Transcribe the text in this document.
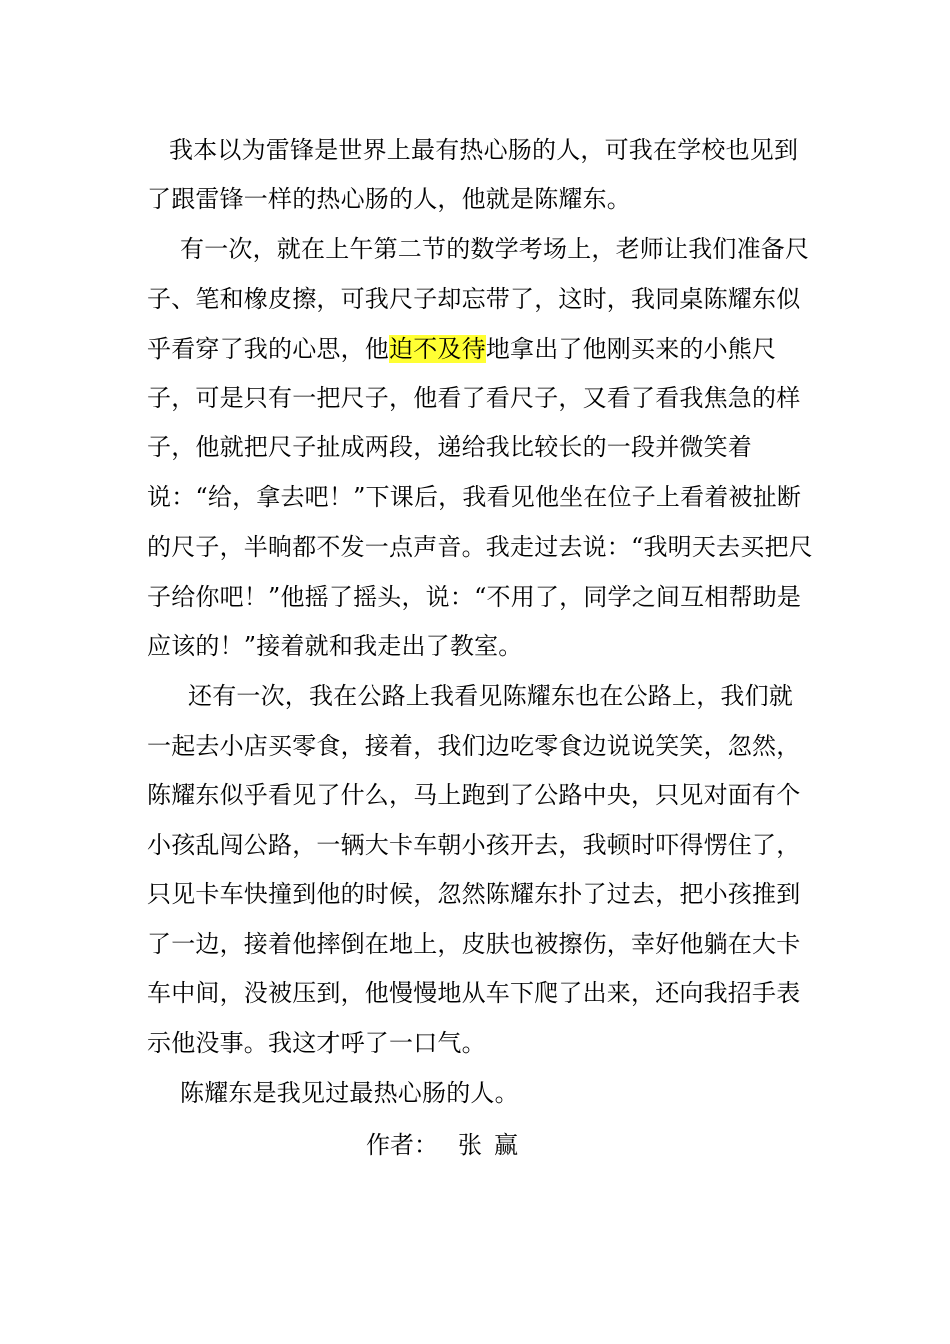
我本以为雷锋是世界上最有热心肠的人，可我在学校也见到
了跟雷锋一样的热心肠的人，他就是陈耀东。
有一次，就在上午第二节的数学考场上，老师让我们准备尺
子、笔和橡皮擦，可我尺子却忘带了，这时，我同桌陈耀东似
乎看穿了我的心思，他迫不及待地拿出了他刚买来的小熊尺
子，可是只有一把尺子，他看了看尺子，又看了看我焦急的样
子，他就把尺子扯成两段，递给我比较长的一段并微笑着
说：“给，拿去吧！”下课后，我看见他坐在位子上看着被扯断
的尺子，半晌都不发一点声音。我走过去说：“我明天去买把尺
子给你吧！”他摇了摇头，说：“不用了，同学之间互相帮助是
应该的！”接着就和我走出了教室。
还有一次，我在公路上我看见陈耀东也在公路上，我们就
一起去小店买零食，接着，我们边吃零食边说说笑笑，忽然，
陈耀东似乎看见了什么，马上跑到了公路中央，只见对面有个
小孩乱闯公路，一辆大卡车朝小孩开去，我顿时吓得愣住了，
只见卡车快撞到他的时候，忽然陈耀东扑了过去，把小孩推到
了一边，接着他摔倒在地上，皮肤也被擦伤，幸好他躺在大卡
车中间，没被压到，他慢慢地从车下爬了出来，还向我招手表
示他没事。我这才呼了一口气。
陈耀东是我见过最热心肠的人。
作者： 张赢
